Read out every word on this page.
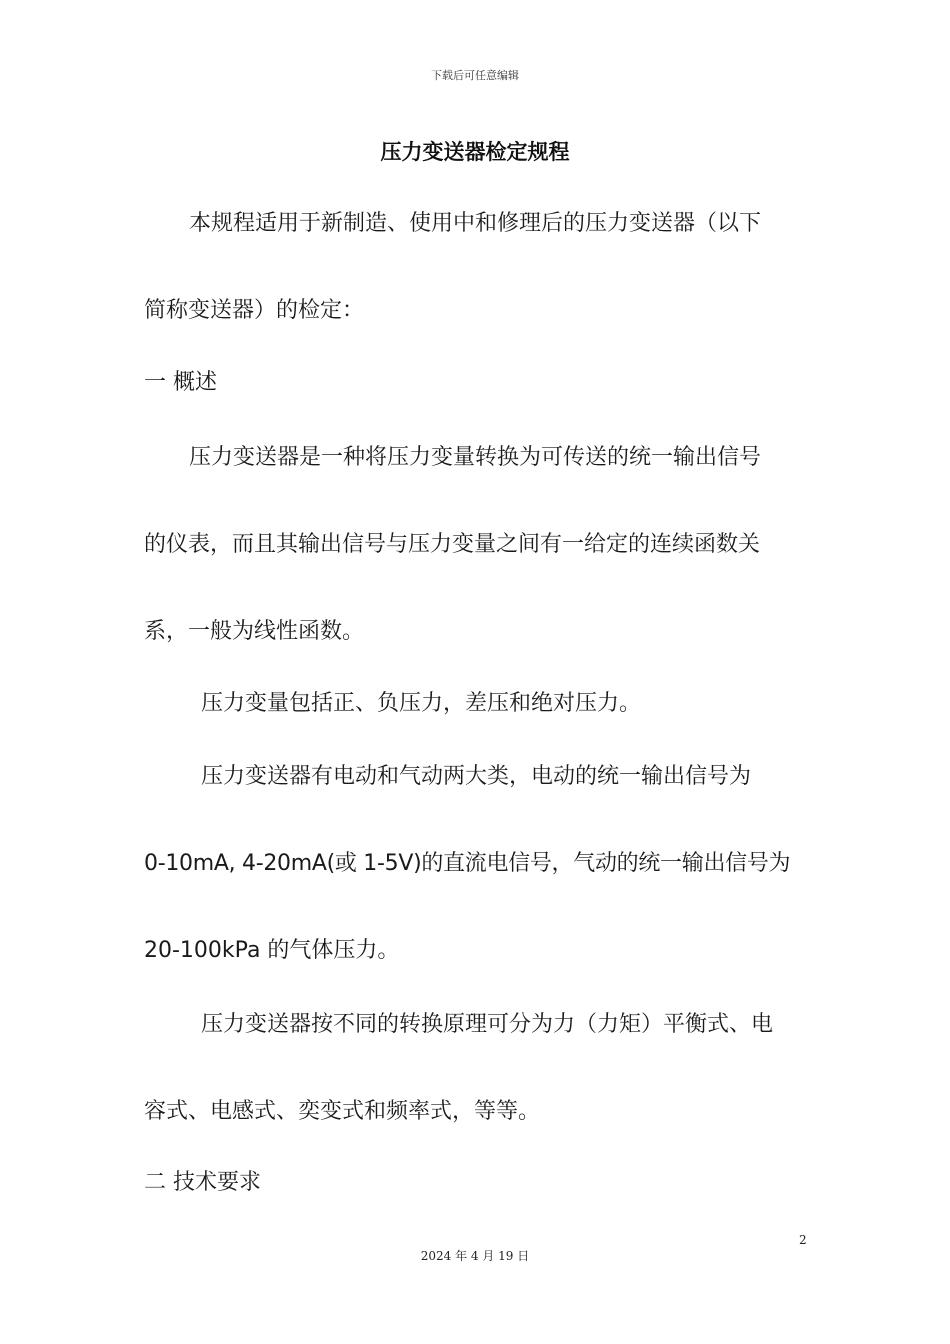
下载后可任意编辑
压力变送器检定规程
本规程适用于新制造、使用中和修理后的压力变送器（以下
简称变送器）的检定：
一 概述
压力变送器是一种将压力变量转换为可传送的统一输出信号
的仪表，而且其输出信号与压力变量之间有一给定的连续函数关
系，一般为线性函数。
压力变量包括正、负压力，差压和绝对压力。
压力变送器有电动和气动两大类，电动的统一输出信号为
0-10mA, 4-20mA(或 1-5V)的直流电信号，气动的统一输出信号为
20-100kPa 的气体压力。
压力变送器按不同的转换原理可分为力（力矩）平衡式、电
容式、电感式、奕变式和频率式，等等。
二 技术要求
2
2024 年 4 月 19 日
